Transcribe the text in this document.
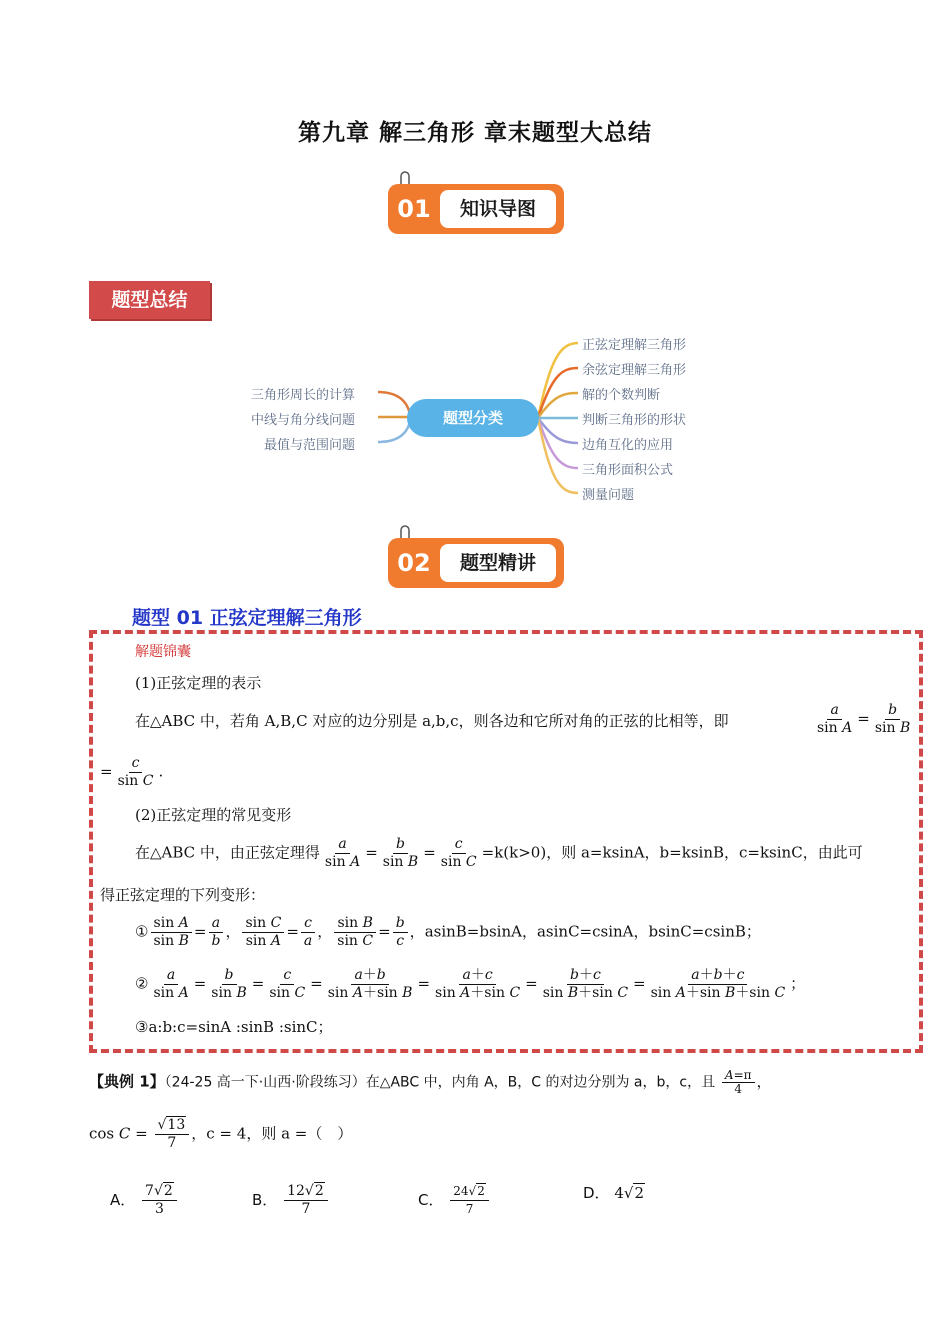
第九章 解三角形 章末题型大总结
01	知识导图
题型总结
题型分类
三角形周长的计算
中线与角分线问题
最值与范围问题
正弦定理解三角形
余弦定理解三角形
解的个数判断
判断三角形的形状
边角互化的应用
三角形面积公式
测量问题
02	题型精讲
题型 01 正弦定理解三角形
解题锦囊
(1)正弦定理的表示
在△ABC 中，若角 A,B,C 对应的边分别是 a,b,c，则各边和它所对角的正弦的比相等，即	$\frac{a}{\text{sin A}} = \frac{b}{\text{sin B}}$
= $\frac{c}{\text{sin C}}$ .
(2)正弦定理的常见变形
在△ABC 中，由正弦定理得 $\frac{a}{\text{sin A}} = \frac{b}{\text{sin B}} = \frac{c}{\text{sin C}} =k(k>0)$，则 a=ksinA，b=ksinB，c=ksinC，由此可
得正弦定理的下列变形：
① $\frac{\text{sin A}}{\text{sin B}} = \frac{a}{b}$ ， $\frac{\text{sin C}}{\text{sin A}} = \frac{c}{a}$ ， $\frac{\text{sin B}}{\text{sin C}} = \frac{b}{c}$ ，asinB=bsinA，asinC=csinA，bsinC=csinB；
② $\frac{a}{\text{sin A}} = \frac{b}{\text{sin B}} = \frac{c}{\text{sin C}} = \frac{a+b}{\text{sin A＋sin B}} = \frac{a+c}{\text{sin A＋sin C}} = \frac{b+c}{\text{sin B＋sin C}} = \frac{a+b+c}{\text{sin A＋sin B＋sin C}}$ ；
③a:b:c=sinA :sinB :sinC；
【典例 1】（24-25 高一下·山西·阶段练习）在△ABC 中，内角 A，B，C 的对边分别为 a，b，c，且 $\frac{A=\pi}{4}$ ，
$\cos C = \frac{√13}{7}$ ，c = 4，则 a =（　）
A． $\frac{7√2}{3}$	B． $\frac{12√2}{7}$	C． $\frac{24√2}{7}$	D． 4√2
